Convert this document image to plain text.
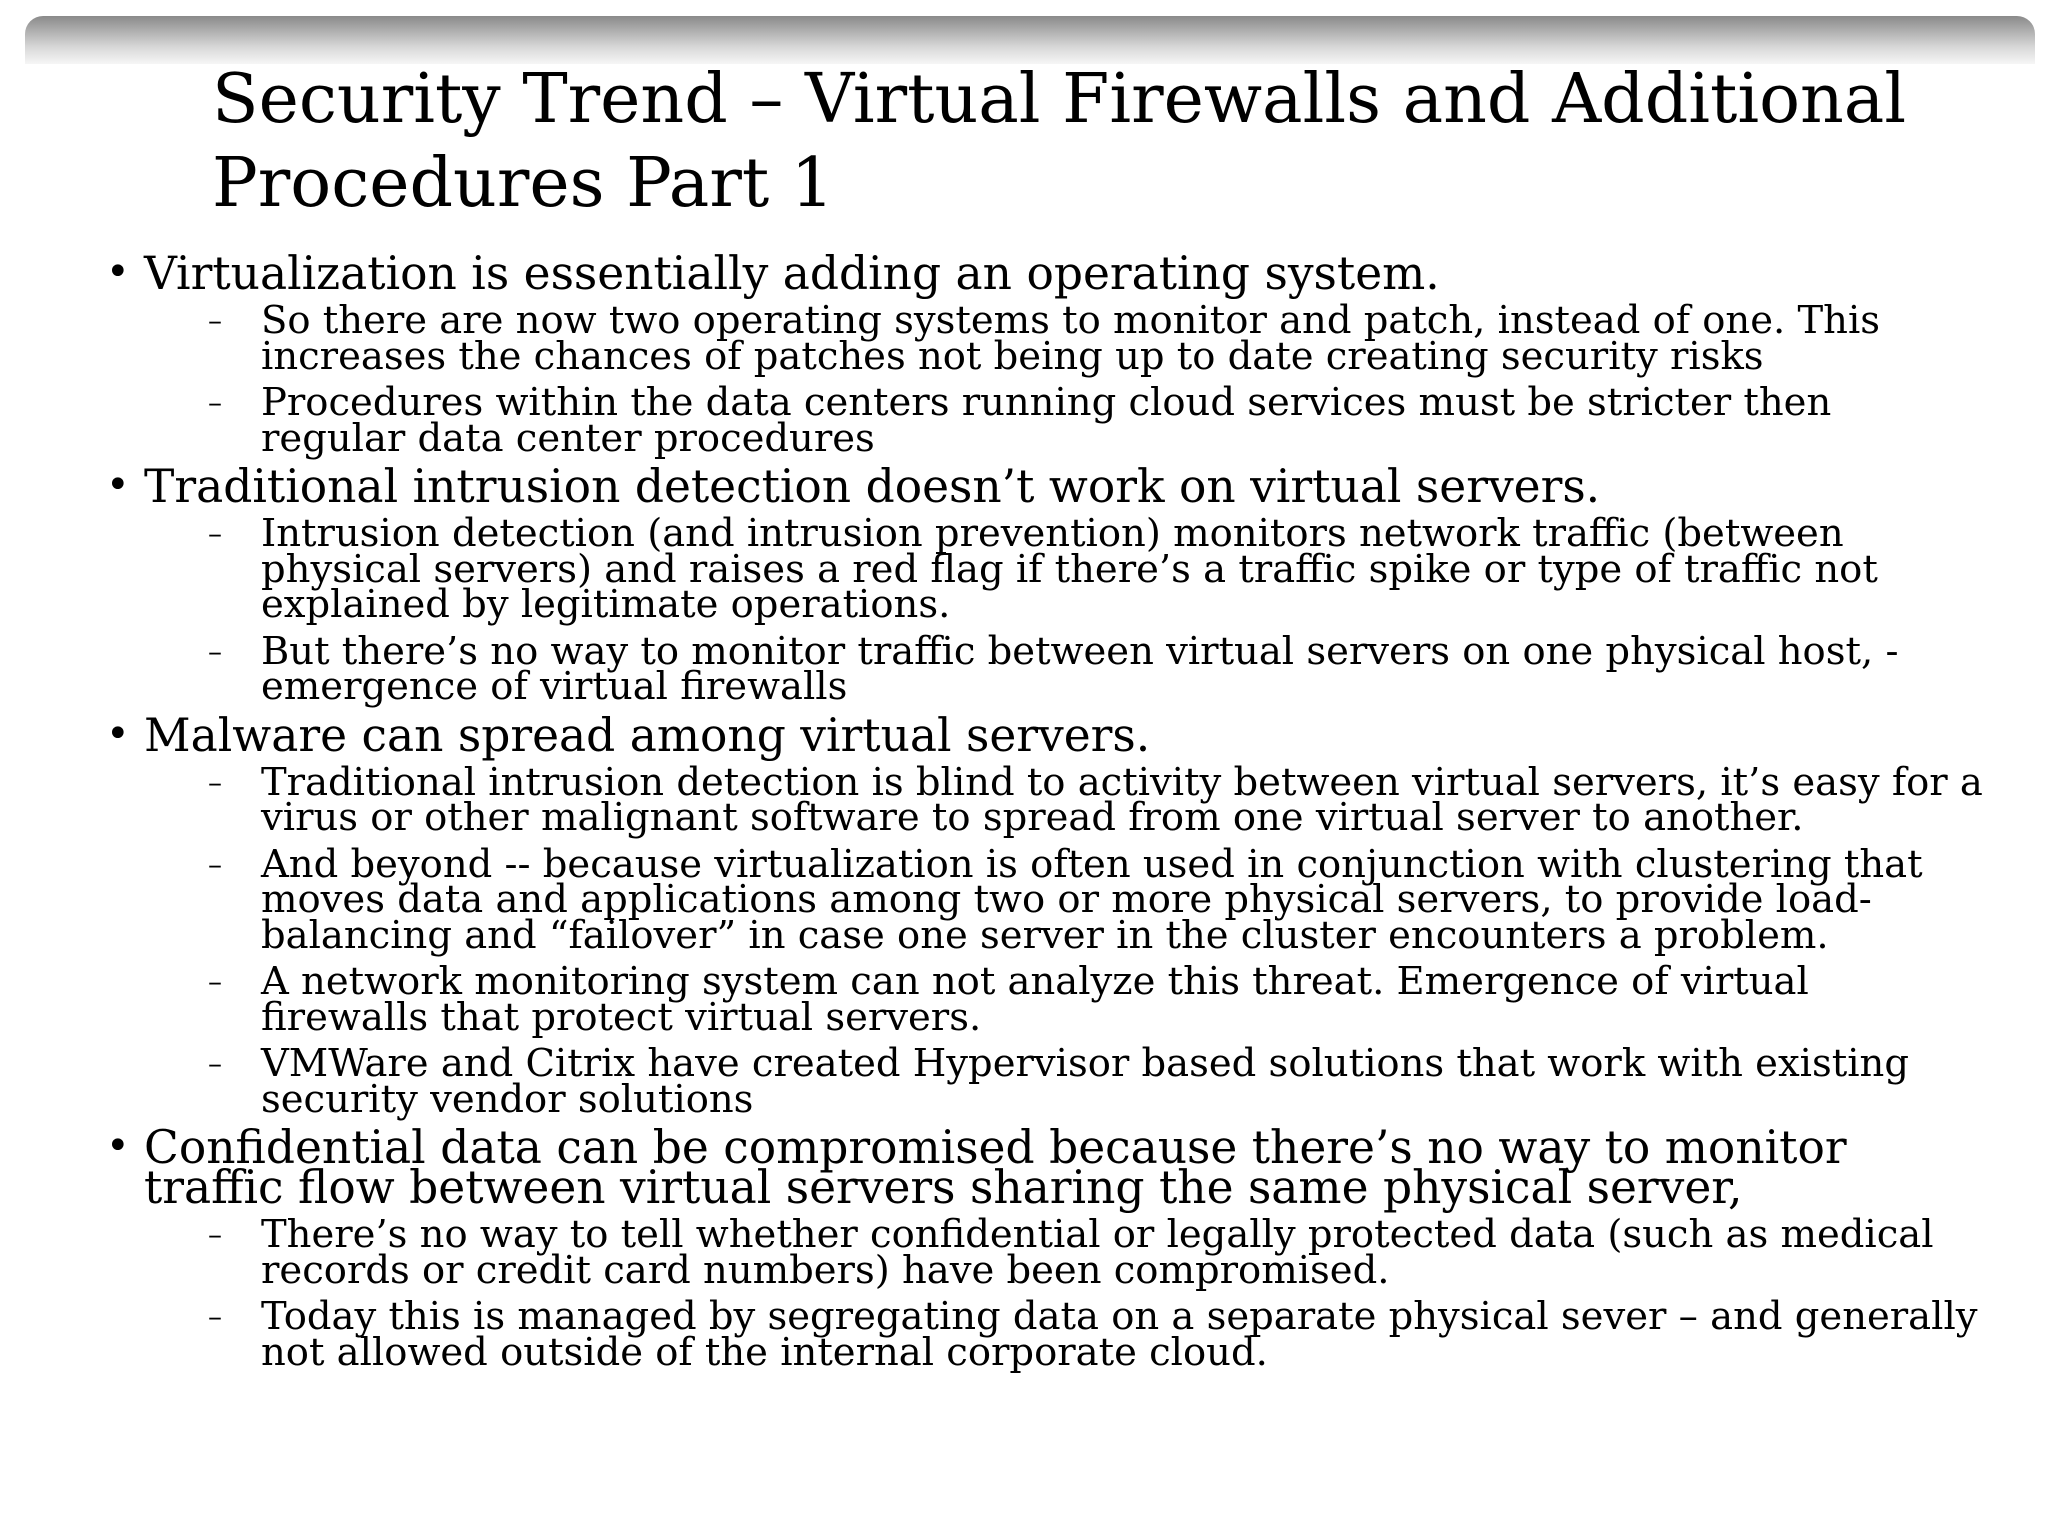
Security Trend – Virtual Firewalls and Additional Procedures Part 1
• Virtualization is essentially adding an operating system.
– So there are now two operating systems to monitor and patch, instead of one. This increases the chances of patches not being up to date creating security risks
– Procedures within the data centers running cloud services must be stricter then regular data center procedures
• Traditional intrusion detection doesn’t work on virtual servers.
– Intrusion detection (and intrusion prevention) monitors network traffic (between physical servers) and raises a red flag if there’s a traffic spike or type of traffic not explained by legitimate operations.
– But there’s no way to monitor traffic between virtual servers on one physical host, - emergence of virtual firewalls
• Malware can spread among virtual servers.
– Traditional intrusion detection is blind to activity between virtual servers, it’s easy for a virus or other malignant software to spread from one virtual server to another.
– And beyond -- because virtualization is often used in conjunction with clustering that moves data and applications among two or more physical servers, to provide load-balancing and “failover” in case one server in the cluster encounters a problem.
– A network monitoring system can not analyze this threat. Emergence of virtual firewalls that protect virtual servers.
– VMWare and Citrix have created Hypervisor based solutions that work with existing security vendor solutions
• Confidential data can be compromised because there’s no way to monitor traffic flow between virtual servers sharing the same physical server,
– There’s no way to tell whether confidential or legally protected data (such as medical records or credit card numbers) have been compromised.
– Today this is managed by segregating data on a separate physical sever – and generally not allowed outside of the internal corporate cloud.
